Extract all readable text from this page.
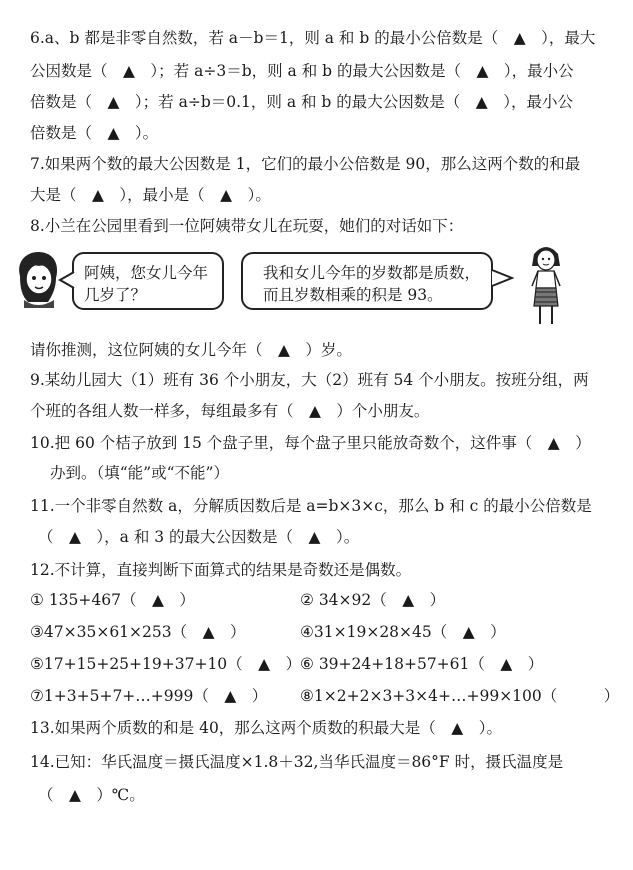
6.a、b 都是非零自然数，若 a－b＝1，则 a 和 b 的最小公倍数是（　▲　），最大
公因数是（　▲　）；若 a÷3＝b，则 a 和 b 的最大公因数是（　▲　），最小公
倍数是（　▲　）；若 a÷b＝0.1，则 a 和 b 的最大公因数是（　▲　），最小公
倍数是（　▲　）。
7.如果两个数的最大公因数是 1，它们的最小公倍数是 90，那么这两个数的和最
大是（　▲　），最小是（　▲　）。
8.小兰在公园里看到一位阿姨带女儿在玩耍，她们的对话如下：
阿姨，您女儿今年
几岁了？
我和女儿今年的岁数都是质数，
而且岁数相乘的积是 93。
请你推测，这位阿姨的女儿今年（　▲　）岁。
9.某幼儿园大（1）班有 36 个小朋友，大（2）班有 54 个小朋友。按班分组，两
个班的各组人数一样多，每组最多有（　▲　）个小朋友。
10.把 60 个桔子放到 15 个盘子里，每个盘子里只能放奇数个，这件事（　▲　）
办到。（填“能”或“不能”）
11.一个非零自然数 a，分解质因数后是 a=b×3×c，那么 b 和 c 的最小公倍数是
（　▲　），a 和 3 的最大公因数是（　▲　）。
12.不计算，直接判断下面算式的结果是奇数还是偶数。
① 135+467（　▲　）	② 34×92（　▲　）
③47×35×61×253（　▲　）	④31×19×28×45（　▲　）
⑤17+15+25+19+37+10（　▲　）
⑥ 39+24+18+57+61（　▲　）
⑦1+3+5+7+…+999（　▲　） ⑧1×2+2×3+3×4+…+99×100（　　　）
13.如果两个质数的和是 40，那么这两个质数的积最大是（　▲　）。
14.已知：华氏温度＝摄氏温度×1.8＋32,当华氏温度＝86°F 时，摄氏温度是
（　▲　）℃。
